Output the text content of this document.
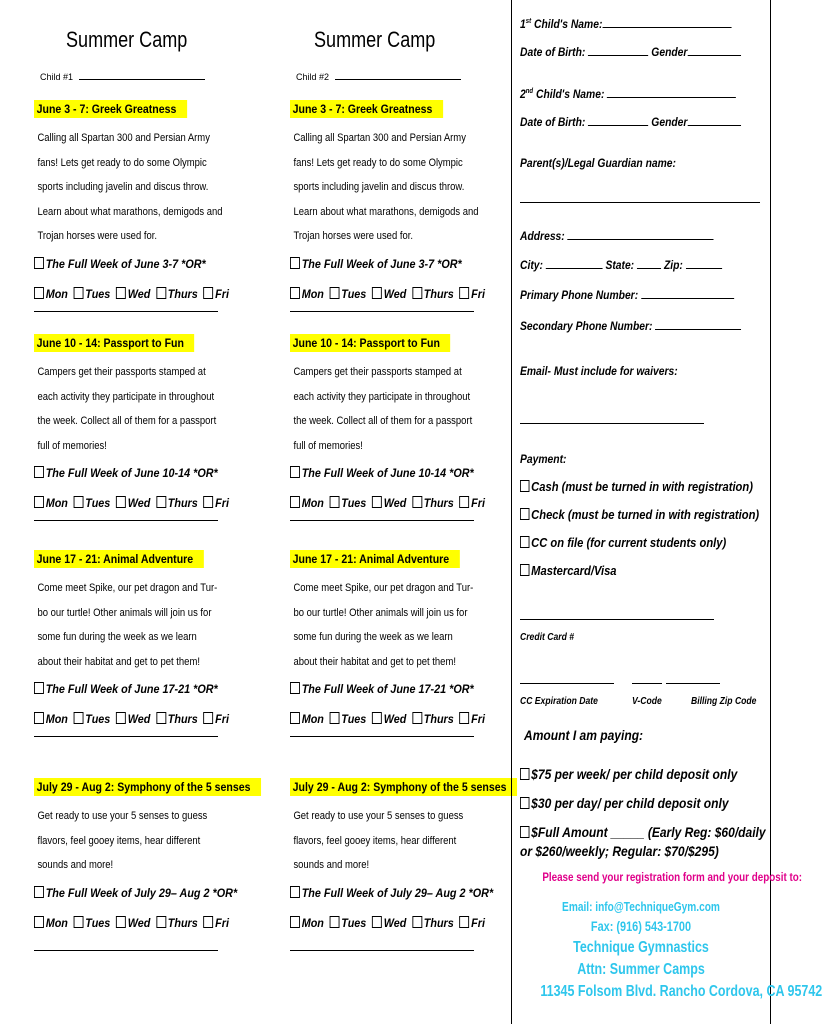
Summer Camp
Child #1
June 3 - 7: Greek Greatness
Calling all Spartan 300 and Persian Army
fans! Lets get ready to do some Olympic
sports including javelin and discus throw.
Learn about what marathons, demigods and
Trojan horses were used for.
The Full Week of June 3-7 *OR*
Mon Tues Wed Thurs Fri
June 10 - 14: Passport to Fun
Campers get their passports stamped at
each activity they participate in throughout
the week. Collect all of them for a passport
full of memories!
The Full Week of June 10-14 *OR*
Mon Tues Wed Thurs Fri
June 17 - 21: Animal Adventure
Come meet Spike, our pet dragon and Tur-
bo our turtle! Other animals will join us for
some fun during the week as we learn
about their habitat and get to pet them!
The Full Week of June 17-21 *OR*
Mon Tues Wed Thurs Fri
July 29 - Aug 2: Symphony of the 5 senses
Get ready to use your 5 senses to guess
flavors, feel gooey items, hear different
sounds and more!
The Full Week of July 29– Aug 2 *OR*
Mon Tues Wed Thurs Fri
Summer Camp
Child #2
June 3 - 7: Greek Greatness
Calling all Spartan 300 and Persian Army
fans! Lets get ready to do some Olympic
sports including javelin and discus throw.
Learn about what marathons, demigods and
Trojan horses were used for.
The Full Week of June 3-7 *OR*
Mon Tues Wed Thurs Fri
June 10 - 14: Passport to Fun
Campers get their passports stamped at
each activity they participate in throughout
the week. Collect all of them for a passport
full of memories!
The Full Week of June 10-14 *OR*
Mon Tues Wed Thurs Fri
June 17 - 21: Animal Adventure
Come meet Spike, our pet dragon and Tur-
bo our turtle! Other animals will join us for
some fun during the week as we learn
about their habitat and get to pet them!
The Full Week of June 17-21 *OR*
Mon Tues Wed Thurs Fri
July 29 - Aug 2: Symphony of the 5 senses
Get ready to use your 5 senses to guess
flavors, feel gooey items, hear different
sounds and more!
The Full Week of July 29– Aug 2 *OR*
Mon Tues Wed Thurs Fri
1st Child's Name:
Date of Birth:	Gender
2nd Child's Name:
Date of Birth:	Gender
Parent(s)/Legal Guardian name:
Address:
City:	State: Zip:
Primary Phone Number:
Secondary Phone Number:
Email- Must include for waivers:
Payment:
Cash (must be turned in with registration)
Check (must be turned in with registration)
CC on file (for current students only)
Mastercard/Visa
Credit Card #
CC Expiration Date	V-Code	Billing Zip Code
Amount I am paying:
$75 per week/ per child deposit only
$30 per day/ per child deposit only
$Full Amount _____ (Early Reg: $60/daily
or $260/weekly; Regular: $70/$295)
Please send your registration form and your deposit to:
Email: info@TechniqueGym.com
Fax: (916) 543-1700
Technique Gymnastics
Attn: Summer Camps
11345 Folsom Blvd. Rancho Cordova, CA 95742
